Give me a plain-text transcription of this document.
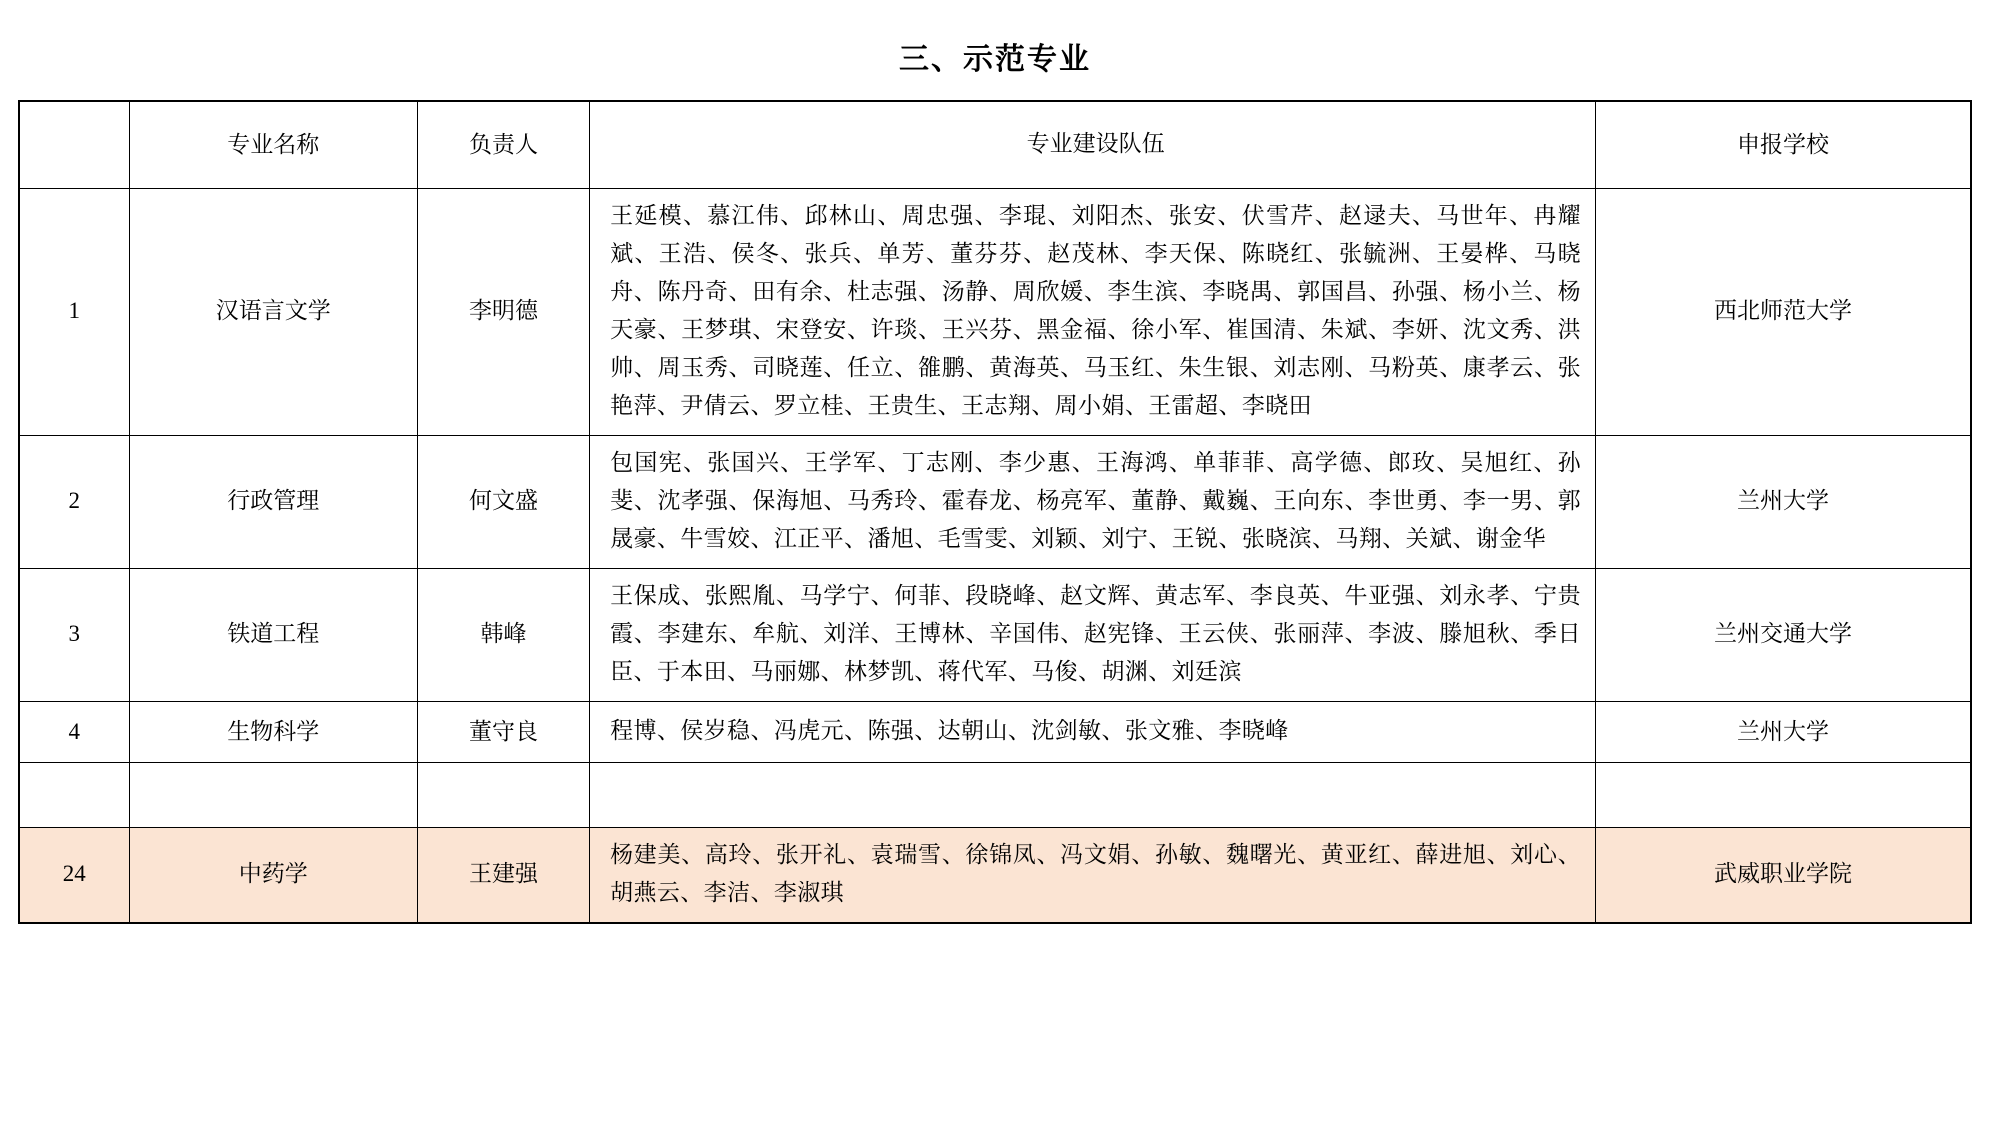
三、示范专业
	专业名称	负责人	专业建设队伍	申报学校
1	汉语言文学	李明德	王延模、慕江伟、邱林山、周忠强、李琨、刘阳杰、张安、伏雪芹、赵逯夫、马世年、冉耀斌、王浩、侯冬、张兵、单芳、董芬芬、赵茂林、李天保、陈晓红、张毓洲、王晏桦、马晓舟、陈丹奇、田有余、杜志强、汤静、周欣媛、李生滨、李晓禺、郭国昌、孙强、杨小兰、杨天豪、王梦琪、宋登安、许琰、王兴芬、黑金福、徐小军、崔国清、朱斌、李妍、沈文秀、洪帅、周玉秀、司晓莲、任立、雒鹏、黄海英、马玉红、朱生银、刘志刚、马粉英、康孝云、张艳萍、尹倩云、罗立桂、王贵生、王志翔、周小娟、王雷超、李晓田	西北师范大学
2	行政管理	何文盛	包国宪、张国兴、王学军、丁志刚、李少惠、王海鸿、单菲菲、高学德、郎玫、吴旭红、孙斐、沈孝强、保海旭、马秀玲、霍春龙、杨亮军、董静、戴巍、王向东、李世勇、李一男、郭晟豪、牛雪姣、江正平、潘旭、毛雪雯、刘颖、刘宁、王锐、张晓滨、马翔、关斌、谢金华	兰州大学
3	铁道工程	韩峰	王保成、张熙胤、马学宁、何菲、段晓峰、赵文辉、黄志军、李良英、牛亚强、刘永孝、宁贵霞、李建东、牟航、刘洋、王博林、辛国伟、赵宪锋、王云侠、张丽萍、李波、滕旭秋、季日臣、于本田、马丽娜、林梦凯、蒋代军、马俊、胡渊、刘廷滨	兰州交通大学
4	生物科学	董守良	程博、侯岁稳、冯虎元、陈强、达朝山、沈剑敏、张文雅、李晓峰	兰州大学

24	中药学	王建强	杨建美、高玲、张开礼、袁瑞雪、徐锦凤、冯文娟、孙敏、魏曙光、黄亚红、薛进旭、刘心、胡燕云、李洁、李淑琪	武威职业学院
